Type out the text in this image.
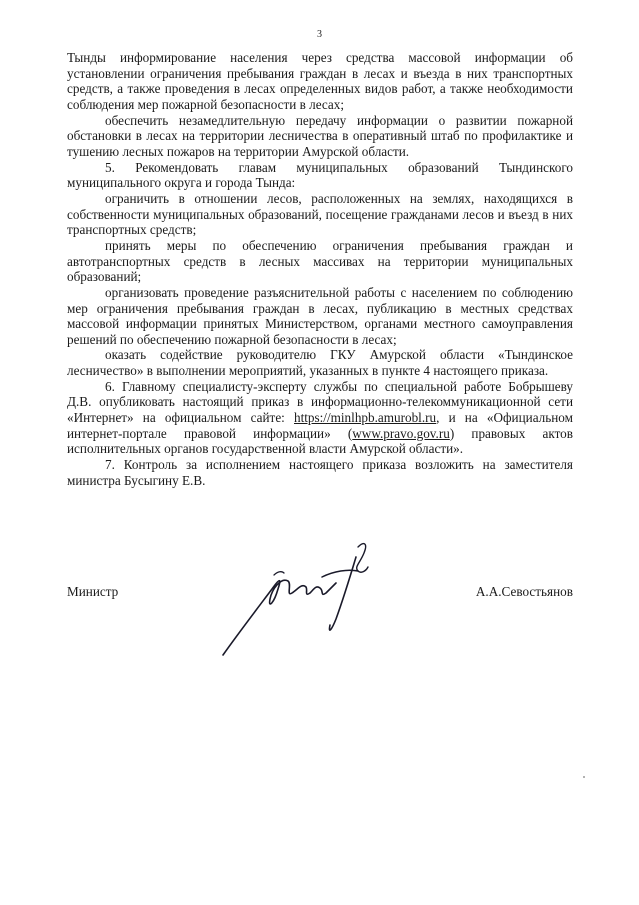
3

Тынды информирование населения через средства массовой информации об установлении ограничения пребывания граждан в лесах и въезда в них транспортных средств, а также проведения в лесах определенных видов работ, а также необходимости соблюдения мер пожарной безопасности в лесах;

обеспечить незамедлительную передачу информации о развитии пожарной обстановки в лесах на территории лесничества в оперативный штаб по профилактике и тушению лесных пожаров на территории Амурской области.

5. Рекомендовать главам муниципальных образований Тындинского муниципального округа и города Тында:

ограничить в отношении лесов, расположенных на землях, находящихся в собственности муниципальных образований, посещение гражданами лесов и въезд в них транспортных средств;

принять меры по обеспечению ограничения пребывания граждан и автотранспортных средств в лесных массивах на территории муниципальных образований;

организовать проведение разъяснительной работы с населением по соблюдению мер ограничения пребывания граждан в лесах, публикацию в местных средствах массовой информации принятых Министерством, органами местного самоуправления решений по обеспечению пожарной безопасности в лесах;

оказать содействие руководителю ГКУ Амурской области «Тындинское лесничество» в выполнении мероприятий, указанных в пункте 4 настоящего приказа.

6. Главному специалисту-эксперту службы по специальной работе Бобрышеву Д.В. опубликовать настоящий приказ в информационно-телекоммуникационной сети «Интернет» на официальном сайте: https://minlhpb.amurobl.ru, и на «Официальном интернет-портале правовой информации» (www.pravo.gov.ru) правовых актов исполнительных органов государственной власти Амурской области».

7. Контроль за исполнением настоящего приказа возложить на заместителя министра Бусыгину Е.В.

Министр	А.А.Севостьянов
